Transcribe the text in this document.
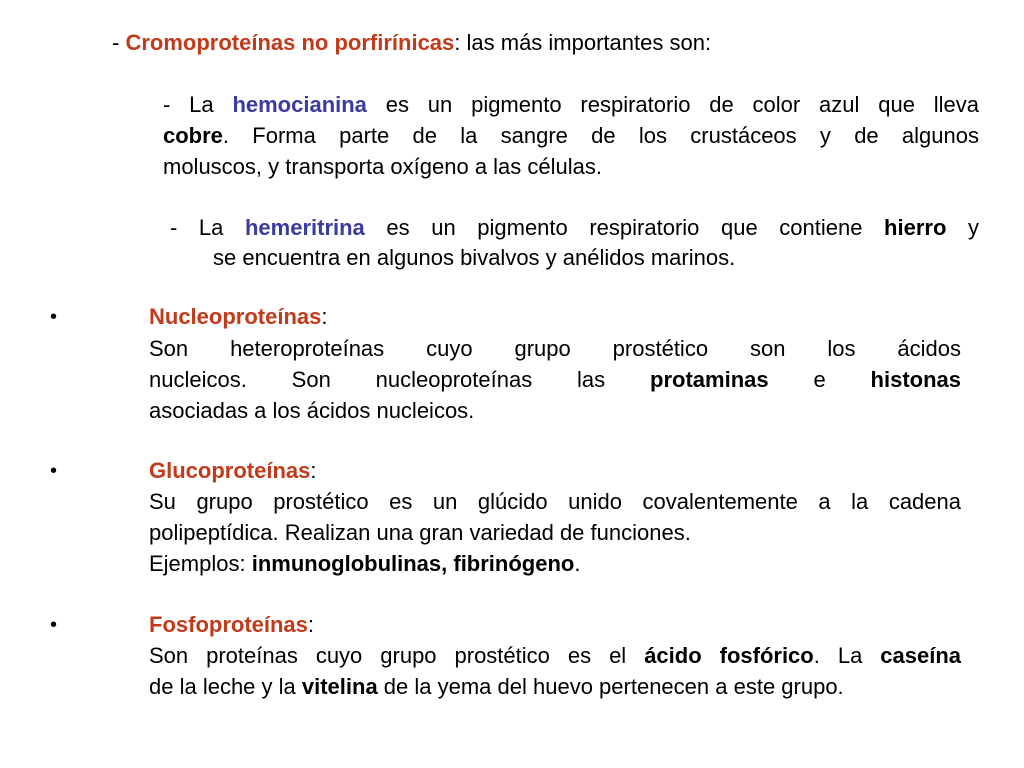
- Cromoproteínas no porfirínicas: las más importantes son:
- La hemocianina es un pigmento respiratorio de color azul que lleva
cobre. Forma parte de la sangre de los crustáceos y de algunos
moluscos, y transporta oxígeno a las células.
- La hemeritrina es un pigmento respiratorio que contiene hierro y
se encuentra en algunos bivalvos y anélidos marinos.
•	Nucleoproteínas:
Son heteroproteínas cuyo grupo prostético son los ácidos
nucleicos. Son nucleoproteínas las protaminas e histonas
asociadas a los ácidos nucleicos.
•	Glucoproteínas:
Su grupo prostético es un glúcido unido covalentemente a la cadena
polipeptídica. Realizan una gran variedad de funciones.
Ejemplos: inmunoglobulinas, fibrinógeno.
•	Fosfoproteínas:
Son proteínas cuyo grupo prostético es el ácido fosfórico. La caseína
de la leche y la vitelina de la yema del huevo pertenecen a este grupo.
